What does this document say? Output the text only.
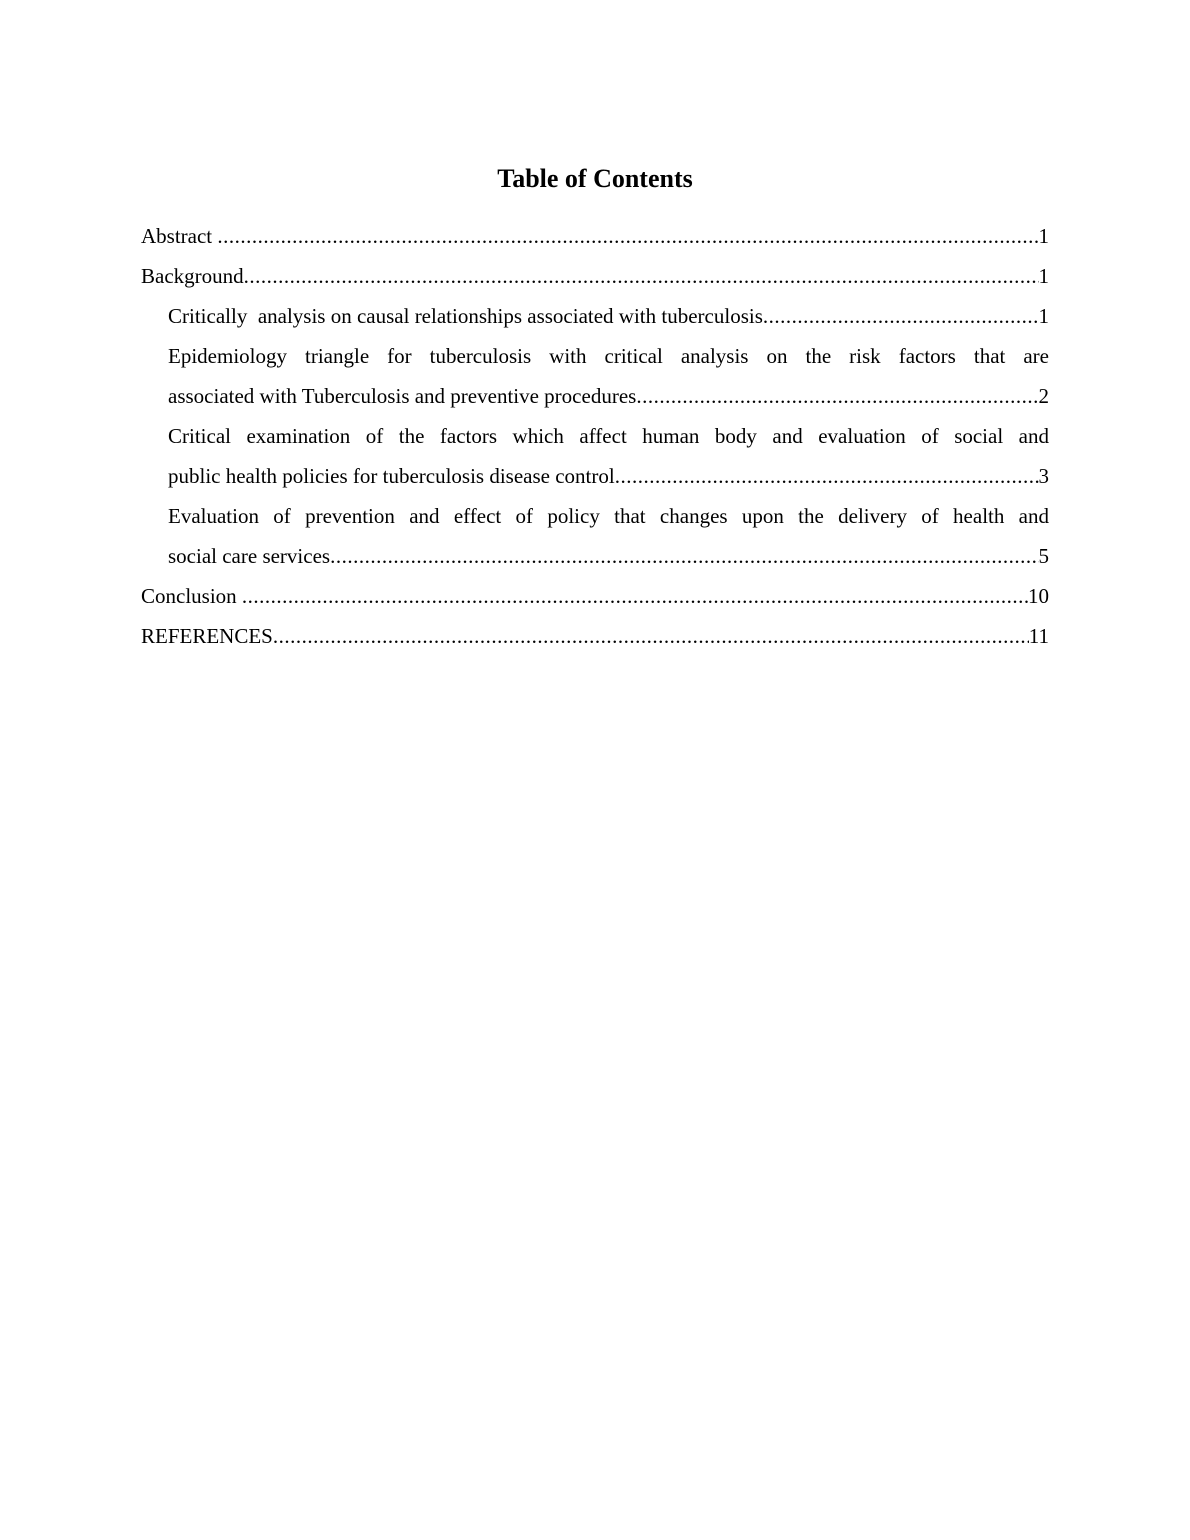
Table of Contents
Abstract .....	1
Background .....	1
Critically  analysis on causal relationships associated with tuberculosis .....	1
Epidemiology triangle for tuberculosis with critical analysis on the risk factors that are
associated with Tuberculosis and preventive procedures .....	2
Critical examination of the factors which affect human body and evaluation of social and
public health policies for tuberculosis disease control .....	3
Evaluation of prevention and effect of policy that changes upon the delivery of health and
social care services .....	5
Conclusion .....	10
REFERENCES .....	11
